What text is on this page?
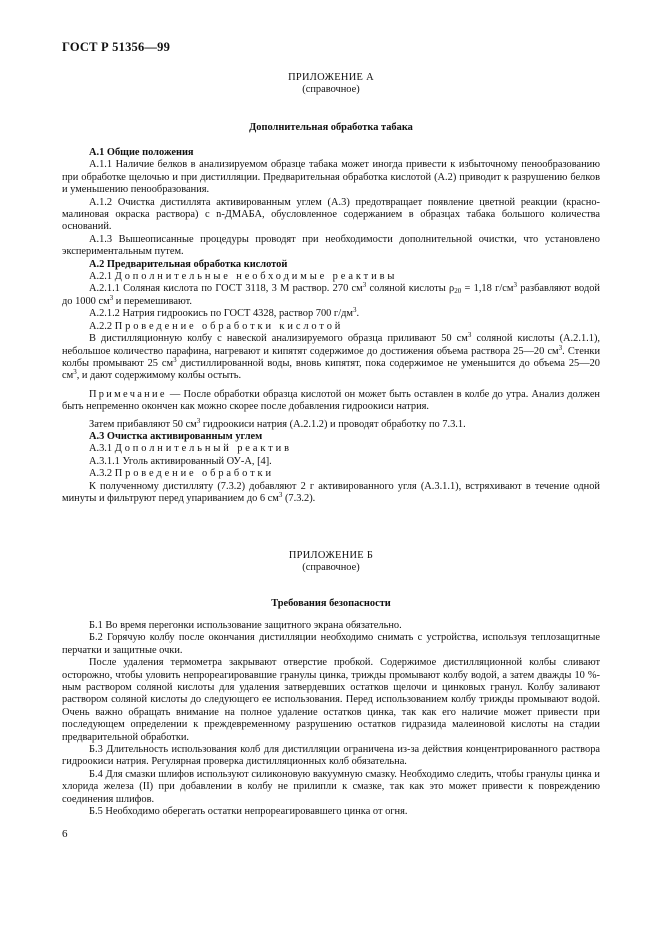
ГОСТ Р 51356—99
ПРИЛОЖЕНИЕ А
(справочное)
Дополнительная обработка табака

А.1 Общие положения

А.1.1 Наличие белков в анализируемом образце табака может иногда привести к избыточному пенообразованию при обработке щелочью и при дистилляции. Предварительная обработка кислотой (А.2) приводит к разрушению белков и уменьшению пенообразования.

А.1.2 Очистка дистиллята активированным углем (А.3) предотвращает появление цветной реакции (красно-малиновая окраска раствора) с n-ДМАБА, обусловленное содержанием в образцах табака большого количества оснований.

А.1.3 Вышеописанные процедуры проводят при необходимости дополнительной очистки, что установлено экспериментальным путем.

А.2 Предварительная обработка кислотой

А.2.1 Дополнительные необходимые реактивы

А.2.1.1 Соляная кислота по ГОСТ 3118, 3 М раствор. 270 $см^3$ соляной кислоты $\rho_{20} = 1,18$ $г/см^3$ разбавляют водой до 1000 $см^3$ и перемешивают.

А.2.1.2 Натрия гидроокись по ГОСТ 4328, раствор 700 $г/дм^3$.

А.2.2 Проведение обработки кислотой

В дистилляционную колбу с навеской анализируемого образца приливают 50 $см^3$ соляной кислоты (А.2.1.1), небольшое количество парафина, нагревают и кипятят содержимое до достижения объема раствора 25—20 $см^3$. Стенки колбы промывают 25 $см^3$ дистиллированной воды, вновь кипятят, пока содержимое не уменьшится до объема 25—20 $см^3$, и дают содержимому колбы остыть.

Примечание — После обработки образца кислотой он может быть оставлен в колбе до утра. Анализ должен быть непременно окончен как можно скорее после добавления гидроокиси натрия.

Затем прибавляют 50 $см^3$ гидроокиси натрия (А.2.1.2) и проводят обработку по 7.3.1.

А.3 Очистка активированным углем

А.3.1 Дополнительный реактив

А.3.1.1 Уголь активированный ОУ-А, [4].

А.3.2 Проведение обработки

К полученному дистилляту (7.3.2) добавляют 2 г активированного угля (А.3.1.1), встряхивают в течение одной минуты и фильтруют перед упариванием до 6 $см^3$ (7.3.2).

ПРИЛОЖЕНИЕ Б
(справочное)
Требования безопасности

Б.1 Во время перегонки использование защитного экрана обязательно.

Б.2 Горячую колбу после окончания дистилляции необходимо снимать с устройства, используя теплозащитные перчатки и защитные очки.

После удаления термометра закрывают отверстие пробкой. Содержимое дистилляционной колбы сливают осторожно, чтобы уловить непрореагировавшие гранулы цинка, трижды промывают колбу водой, а затем дважды 10 %-ным раствором соляной кислоты для удаления затвердевших остатков щелочи и цинковых гранул. Колбу заливают раствором соляной кислоты до следующего ее использования. Перед использованием колбу трижды промывают водой. Очень важно обращать внимание на полное удаление остатков цинка, так как его наличие может привести при последующем определении к преждевременному разрушению остатков гидразида малеиновой кислоты на стадии предварительной обработки.

Б.3 Длительность использования колб для дистилляции ограничена из-за действия концентрированного раствора гидроокиси натрия. Регулярная проверка дистилляционных колб обязательна.

Б.4 Для смазки шлифов используют силиконовую вакуумную смазку. Необходимо следить, чтобы гранулы цинка и хлорида железа (II) при добавлении в колбу не прилипли к смазке, так как это может привести к повреждению соединения шлифов.

Б.5 Необходимо оберегать остатки непрореагировавшего цинка от огня.

6
